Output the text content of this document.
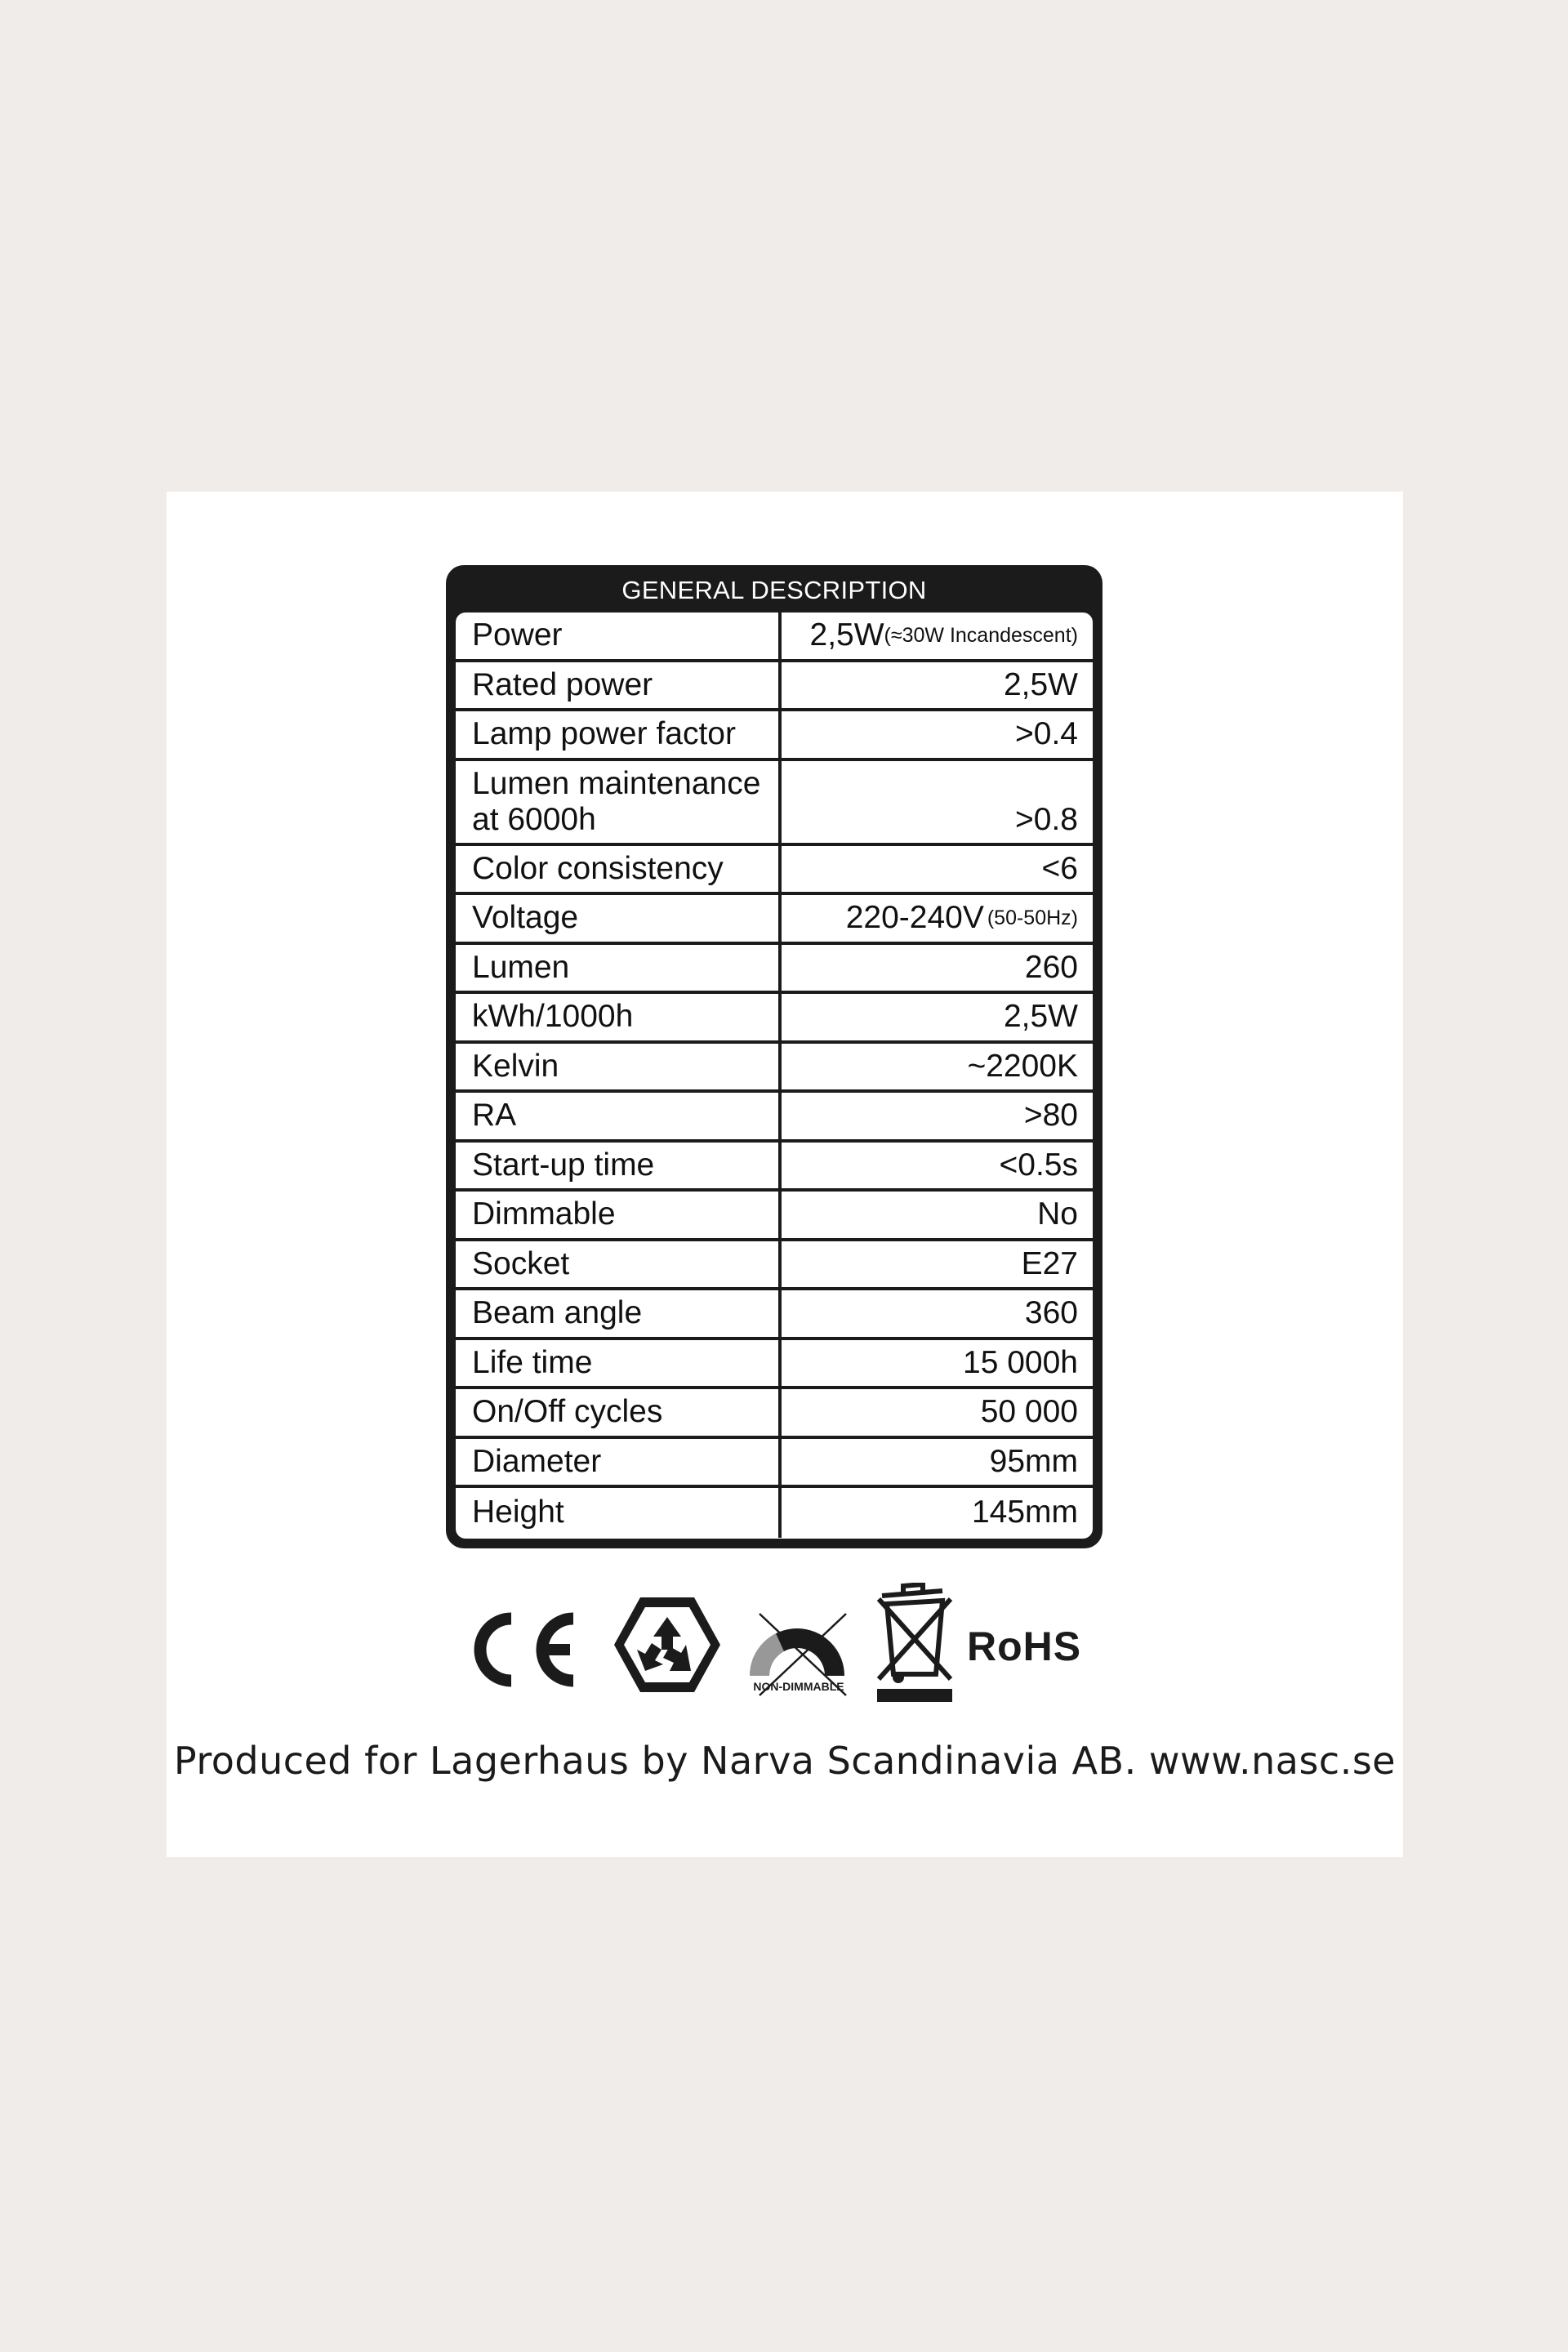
GENERAL DESCRIPTION
Power	2,5W (≈30W Incandescent)
Rated power	2,5W
Lamp power factor	>0.4
Lumen maintenance at 6000h	>0.8
Color consistency	<6
Voltage	220-240V (50-50Hz)
Lumen	260
kWh/1000h	2,5W
Kelvin	~2200K
RA	>80
Start-up time	<0.5s
Dimmable	No
Socket	E27
Beam angle	360
Life time	15 000h
On/Off cycles	50 000
Diameter	95mm
Height	145mm
NON-DIMMABLE
RoHS
Produced for Lagerhaus by Narva Scandinavia AB. www.nasc.se
